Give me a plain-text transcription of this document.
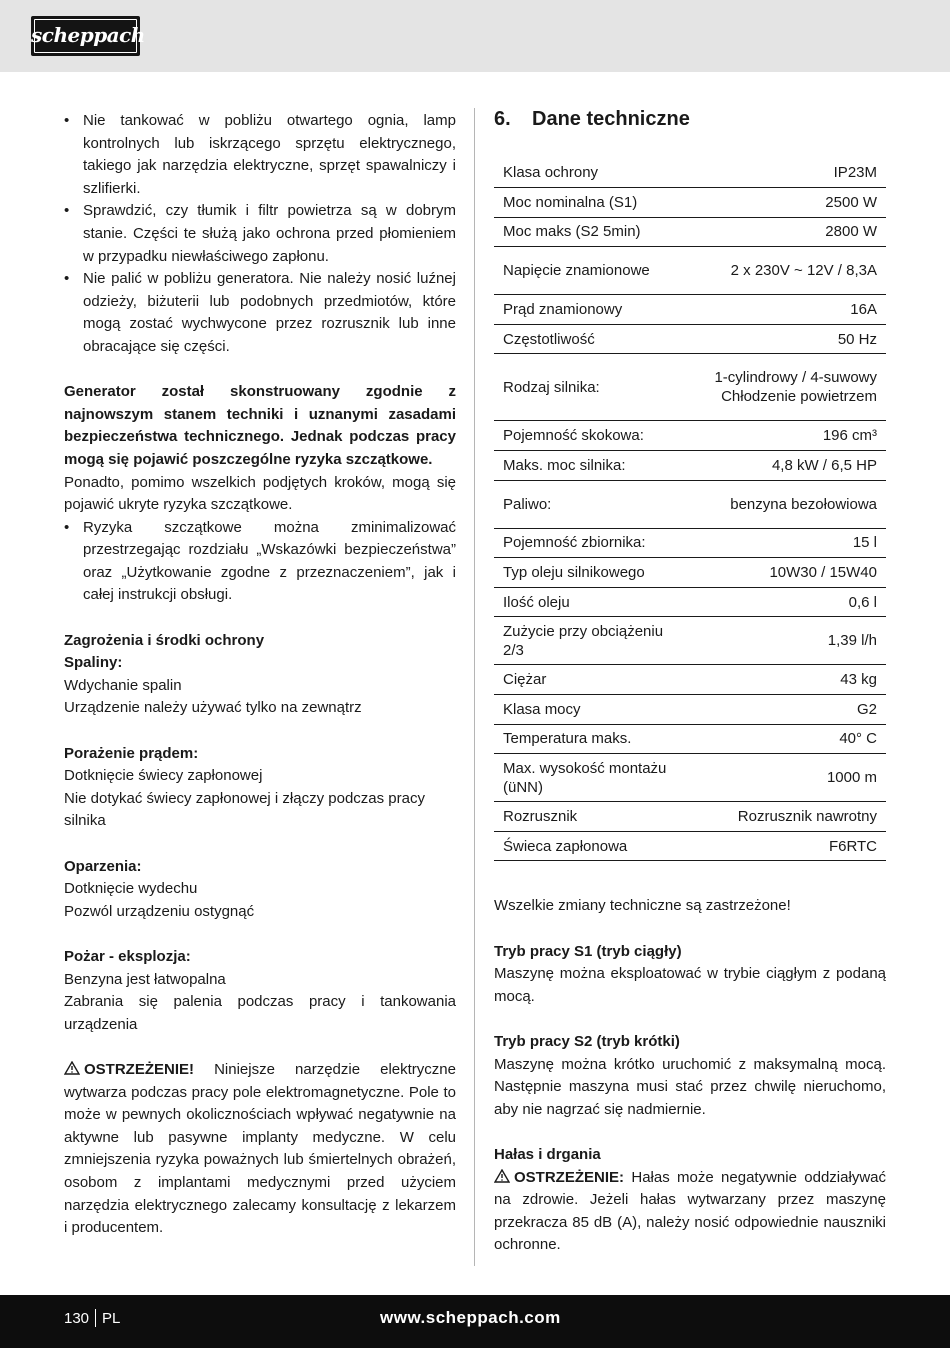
scheppach
• Nie tankować w pobliżu otwartego ognia, lamp kontrolnych lub iskrzącego sprzętu elektrycznego, takiego jak narzędzia elektryczne, sprzęt spawalniczy i szlifierki.
• Sprawdzić, czy tłumik i filtr powietrza są w dobrym stanie. Części te służą jako ochrona przed płomieniem w przypadku niewłaściwego zapłonu.
• Nie palić w pobliżu generatora. Nie należy nosić luźnej odzieży, biżuterii lub podobnych przedmiotów, które mogą zostać wychwycone przez rozrusznik lub inne obracające się części.

Generator został skonstruowany zgodnie z najnowszym stanem techniki i uznanymi zasadami bezpieczeństwa technicznego. Jednak podczas pracy mogą się pojawić poszczególne ryzyka szczątkowe.

Ponadto, pomimo wszelkich podjętych kroków, mogą się pojawić ukryte ryzyka szczątkowe.

• Ryzyka szczątkowe można zminimalizować przestrzegając rozdziału „Wskazówki bezpieczeństwa” oraz „Użytkowanie zgodne z przeznaczeniem”, jak i całej instrukcji obsługi.

Zagrożenia i środki ochrony

Spaliny:

Wdychanie spalin

Urządzenie należy używać tylko na zewnątrz

Porażenie prądem:

Dotknięcie świecy zapłonowej

Nie dotykać świecy zapłonowej i złączy podczas pracy silnika

Oparzenia:

Dotknięcie wydechu

Pozwól urządzeniu ostygnąć

Pożar - eksplozja:

Benzyna jest łatwopalna

Zabrania się palenia podczas pracy i tankowania urządzenia

OSTRZEŻENIE! Niniejsze narzędzie elektryczne wytwarza podczas pracy pole elektromagnetyczne. Pole to może w pewnych okolicznościach wpływać negatywnie na aktywne lub pasywne implanty medyczne. W celu zmniejszenia ryzyka poważnych lub śmiertelnych obrażeń, osobom z implantami medycznymi przed użyciem narzędzia elektrycznego zalecamy konsultację z lekarzem i producentem.

6. Dane techniczne
Klasa ochrony	IP23M
Moc nominalna (S1)	2500 W
Moc maks (S2 5min)	2800 W
Napięcie znamionowe	2 x 230V ~ 12V / 8,3A
Prąd znamionowy	16A
Częstotliwość	50 Hz
Rodzaj silnika:	1-cylindrowy / 4-suwowy Chłodzenie powietrzem
Pojemność skokowa:	196 cm³
Maks. moc silnika:	4,8 kW / 6,5 HP
Paliwo:	benzyna bezołowiowa
Pojemność zbiornika:	15 l
Typ oleju silnikowego	10W30 / 15W40
Ilość oleju	0,6 l
Zużycie przy obciążeniu 2/3	1,39 l/h
Ciężar	43 kg
Klasa mocy	G2
Temperatura maks.	40° C
Max. wysokość montażu (üNN)	1000 m
Rozrusznik	Rozrusznik nawrotny
Świeca zapłonowa	F6RTC

Wszelkie zmiany techniczne są zastrzeżone!

Tryb pracy S1 (tryb ciągły)

Maszynę można eksploatować w trybie ciągłym z podaną mocą.

Tryb pracy S2 (tryb krótki)

Maszynę można krótko uruchomić z maksymalną mocą. Następnie maszyna musi stać przez chwilę nieruchomo, aby nie nagrzać się nadmiernie.

Hałas i drgania

OSTRZEŻENIE: Hałas może negatywnie oddziaływać na zdrowie. Jeżeli hałas wytwarzany przez maszynę przekracza 85 dB (A), należy nosić odpowiednie nauszniki ochronne.

130 PL	www.scheppach.com
